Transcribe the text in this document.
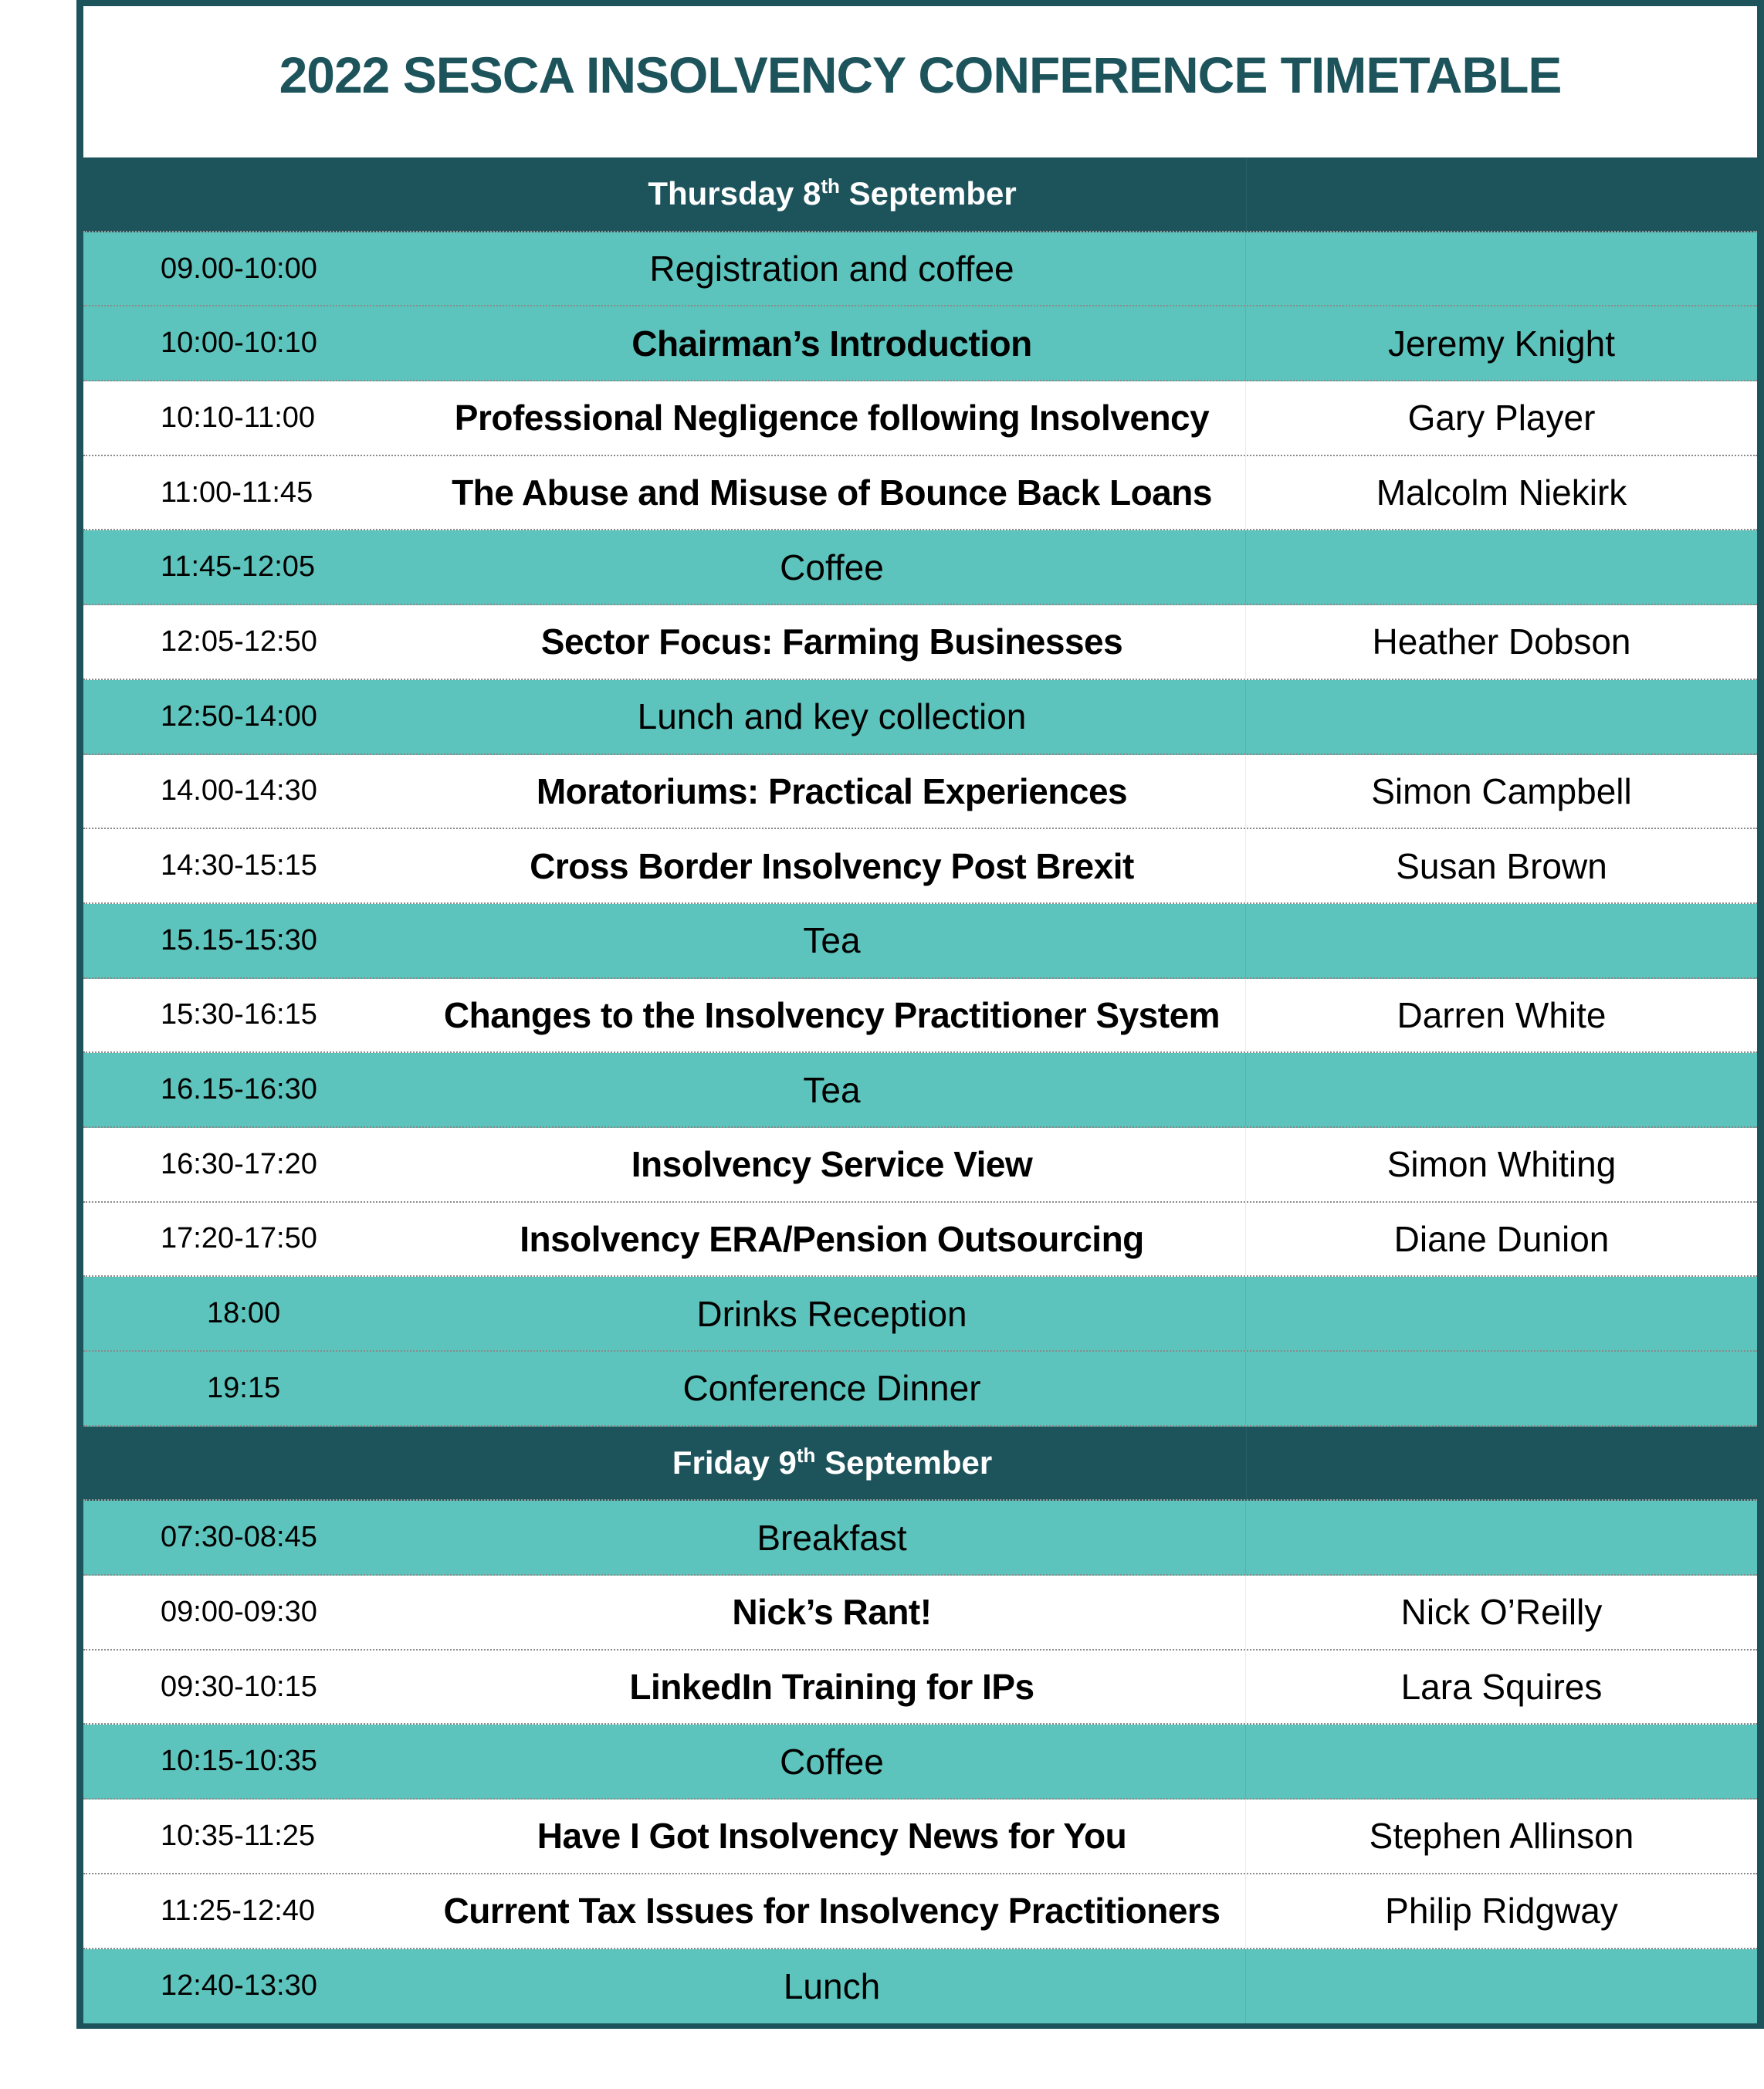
2022 SESCA INSOLVENCY CONFERENCE TIMETABLE
Thursday 8th September
09.00-10:00	Registration and coffee
10:00-10:10	Chairman’s Introduction	Jeremy Knight
10:10-11:00	Professional Negligence following Insolvency	Gary Player
11:00-11:45	The Abuse and Misuse of Bounce Back Loans	Malcolm Niekirk
11:45-12:05	Coffee
12:05-12:50	Sector Focus: Farming Businesses	Heather Dobson
12:50-14:00	Lunch and key collection
14.00-14:30	Moratoriums: Practical Experiences	Simon Campbell
14:30-15:15	Cross Border Insolvency Post Brexit	Susan Brown
15.15-15:30	Tea
15:30-16:15	Changes to the Insolvency Practitioner System	Darren White
16.15-16:30	Tea
16:30-17:20	Insolvency Service View	Simon Whiting
17:20-17:50	Insolvency ERA/Pension Outsourcing	Diane Dunion
18:00	Drinks Reception
19:15	Conference Dinner
Friday 9th September
07:30-08:45	Breakfast
09:00-09:30	Nick’s Rant!	Nick O’Reilly
09:30-10:15	LinkedIn Training for IPs	Lara Squires
10:15-10:35	Coffee
10:35-11:25	Have I Got Insolvency News for You	Stephen Allinson
11:25-12:40	Current Tax Issues for Insolvency Practitioners	Philip Ridgway
12:40-13:30	Lunch
